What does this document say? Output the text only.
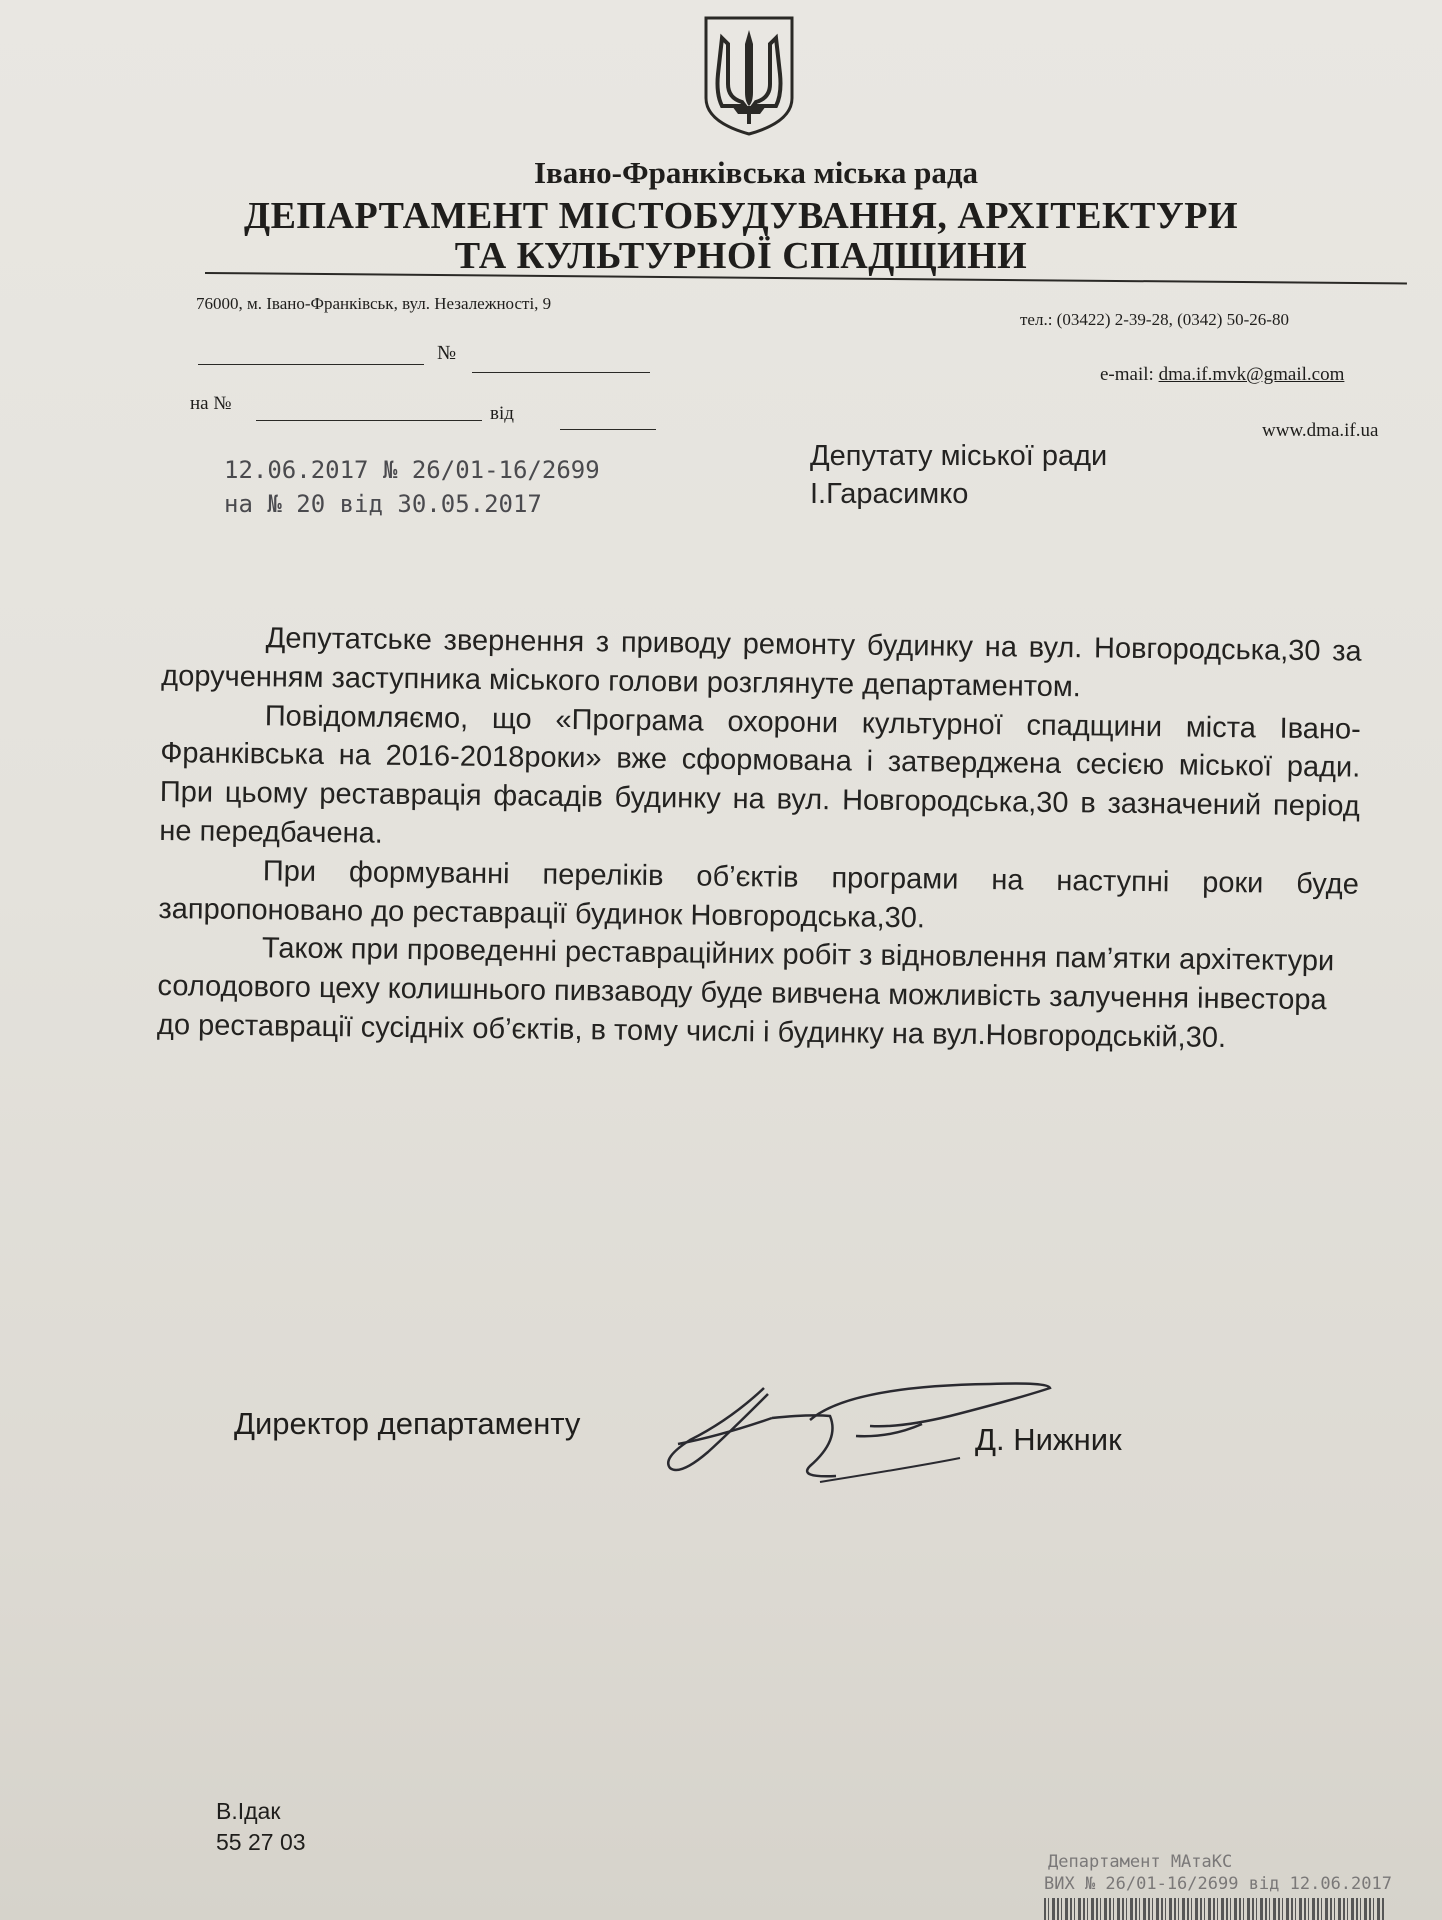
Івано-Франківська міська рада
ДЕПАРТАМЕНТ МІСТОБУДУВАННЯ, АРХІТЕКТУРИ
ТА КУЛЬТУРНОЇ СПАДЩИНИ
76000, м. Івано-Франківськ, вул. Незалежності, 9
тел.: (03422) 2-39-28, (0342) 50-26-80
e-mail: dma.if.mvk@gmail.com
www.dma.if.ua
№
на №	від
12.06.2017 № 26/01-16/2699
на № 20 від 30.05.2017
Депутату міської ради
І.Гарасимко

Депутатське звернення з приводу ремонту будинку на вул. Новгородська,30 за дорученням заступника міського голови розглянуте департаментом.

Повідомляємо, що «Програма охорони культурної спадщини міста Івано-Франківська на 2016-2018роки» вже сформована і затверджена сесією міської ради. При цьому реставрація фасадів будинку на вул. Новгородська,30 в зазначений період не передбачена.

При формуванні переліків об’єктів програми на наступні роки буде запропоновано до реставрації будинок Новгородська,30.

Також при проведенні реставраційних робіт з відновлення пам’ятки архітектури солодового цеху колишнього пивзаводу буде вивчена можливість залучення інвестора до реставрації сусідніх об’єктів, в тому числі і будинку на вул.Новгородській,30.

Директор департаменту	Д. Нижник
В.Ідак
55 27 03
Департамент МАтаКС
ВИХ № 26/01-16/2699 від 12.06.2017
